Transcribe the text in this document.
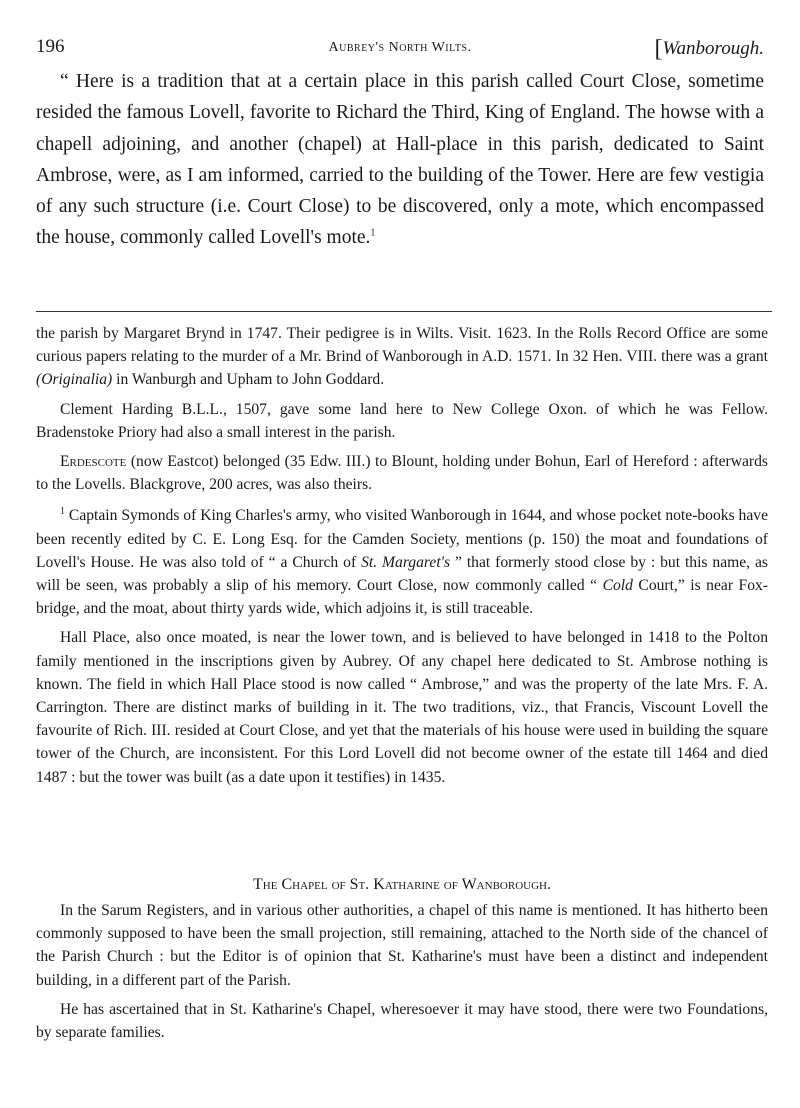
196	Aubrey's North Wilts.	[Wanborough.

“ Here is a tradition that at a certain place in this parish called Court Close, sometime resided the famous Lovell, favorite to Richard the Third, King of England. The howse with a chapell adjoining, and another (chapel) at Hall-place in this parish, dedicated to Saint Ambrose, were, as I am informed, carried to the building of the Tower. Here are few vestigia of any such structure (i.e. Court Close) to be discovered, only a mote, which encompassed the house, commonly called Lovell's mote.$^1$

the parish by Margaret Brynd in 1747. Their pedigree is in Wilts. Visit. 1623. In the Rolls Record Office are some curious papers relating to the murder of a Mr. Brind of Wanborough in A.D. 1571. In 32 Hen. VIII. there was a grant (Originalia) in Wanburgh and Upham to John Goddard.

Clement Harding B.L.L., 1507, gave some land here to New College Oxon. of which he was Fellow. Bradenstoke Priory had also a small interest in the parish.

Erdescote (now Eastcot) belonged (35 Edw. III.) to Blount, holding under Bohun, Earl of Hereford : afterwards to the Lovells. Blackgrove, 200 acres, was also theirs.

$^1$ Captain Symonds of King Charles's army, who visited Wanborough in 1644, and whose pocket note-books have been recently edited by C. E. Long Esq. for the Camden Society, mentions (p. 150) the moat and foundations of Lovell's House. He was also told of “ a Church of St. Margaret's ” that formerly stood close by : but this name, as will be seen, was probably a slip of his memory. Court Close, now commonly called “ Cold Court,” is near Fox-bridge, and the moat, about thirty yards wide, which adjoins it, is still traceable.

Hall Place, also once moated, is near the lower town, and is believed to have belonged in 1418 to the Polton family mentioned in the inscriptions given by Aubrey. Of any chapel here dedicated to St. Ambrose nothing is known. The field in which Hall Place stood is now called “ Ambrose,” and was the property of the late Mrs. F. A. Carrington. There are distinct marks of building in it. The two traditions, viz., that Francis, Viscount Lovell the favourite of Rich. III. resided at Court Close, and yet that the materials of his house were used in building the square tower of the Church, are inconsistent. For this Lord Lovell did not become owner of the estate till 1464 and died 1487 : but the tower was built (as a date upon it testifies) in 1435.

The Chapel of St. Katharine of Wanborough.

In the Sarum Registers, and in various other authorities, a chapel of this name is mentioned. It has hitherto been commonly supposed to have been the small projection, still remaining, attached to the North side of the chancel of the Parish Church : but the Editor is of opinion that St. Katharine's must have been a distinct and independent building, in a different part of the Parish.

He has ascertained that in St. Katharine's Chapel, wheresoever it may have stood, there were two Foundations, by separate families.
